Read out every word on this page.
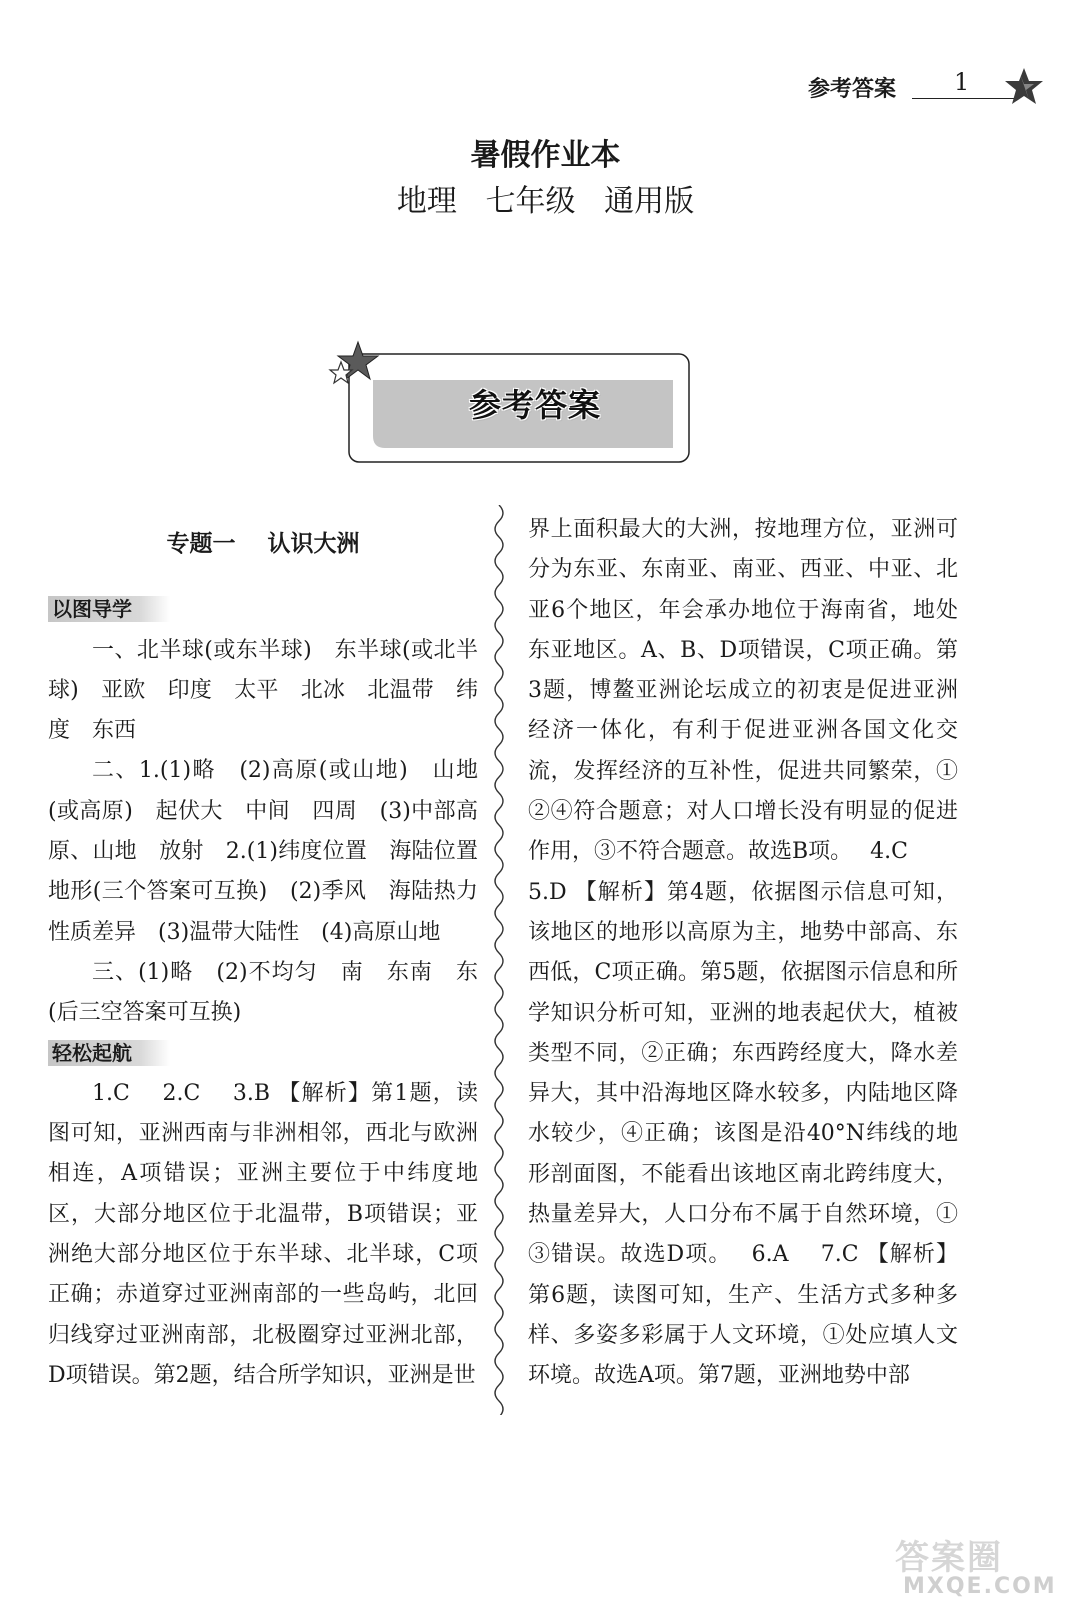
参考答案 1
暑假作业本
地理   七年级   通用版
参考答案
专题一    认识大洲
以图导学

一、北半球(或东半球)　东半球(或北半球)　亚欧　印度　太平　北冰　北温带　纬度　东西

二、1.(1)略　(2)高原(或山地)　山地(或高原)　起伏大　中间　四周　(3)中部高原、山地　放射　2.(1)纬度位置　海陆位置　地形(三个答案可互换)　(2)季风　海陆热力性质差异　(3)温带大陆性　(4)高原山地

三、(1)略　(2)不均匀　南　东南　东(后三空答案可互换)

轻松起航

1.C　 2.C　 3.B 【解析】第1题，读图可知，亚洲西南与非洲相邻，西北与欧洲相连，A项错误；亚洲主要位于中纬度地区，大部分地区位于北温带，B项错误；亚洲绝大部分地区位于东半球、北半球，C项正确；赤道穿过亚洲南部的一些岛屿，北回归线穿过亚洲南部，北极圈穿过亚洲北部，D项错误。第2题，结合所学知识，亚洲是世

界上面积最大的大洲，按地理方位，亚洲可分为东亚、东南亚、南亚、西亚、中亚、北亚6个地区，年会承办地位于海南省，地处东亚地区。A、B、D项错误，C项正确。第3题，博鳌亚洲论坛成立的初衷是促进亚洲经济一体化，有利于促进亚洲各国文化交流，发挥经济的互补性，促进共同繁荣，①②④符合题意；对人口增长没有明显的促进作用，③不符合题意。故选B项。　 4.C

5.D 【解析】第4题，依据图示信息可知，该地区的地形以高原为主，地势中部高、东西低，C项正确。第5题，依据图示信息和所学知识分析可知，亚洲的地表起伏大，植被类型不同，②正确；东西跨经度大，降水差异大，其中沿海地区降水较多，内陆地区降水较少，④正确；该图是沿40°N纬线的地形剖面图，不能看出该地区南北跨纬度大，热量差异大，人口分布不属于自然环境，①③错误。故选D项。　 6.A　 7.C 【解析】第6题，读图可知，生产、生活方式多种多样、多姿多彩属于人文环境，①处应填人文环境。故选A项。第7题，亚洲地势中部

答案圈
MXQE.COM
